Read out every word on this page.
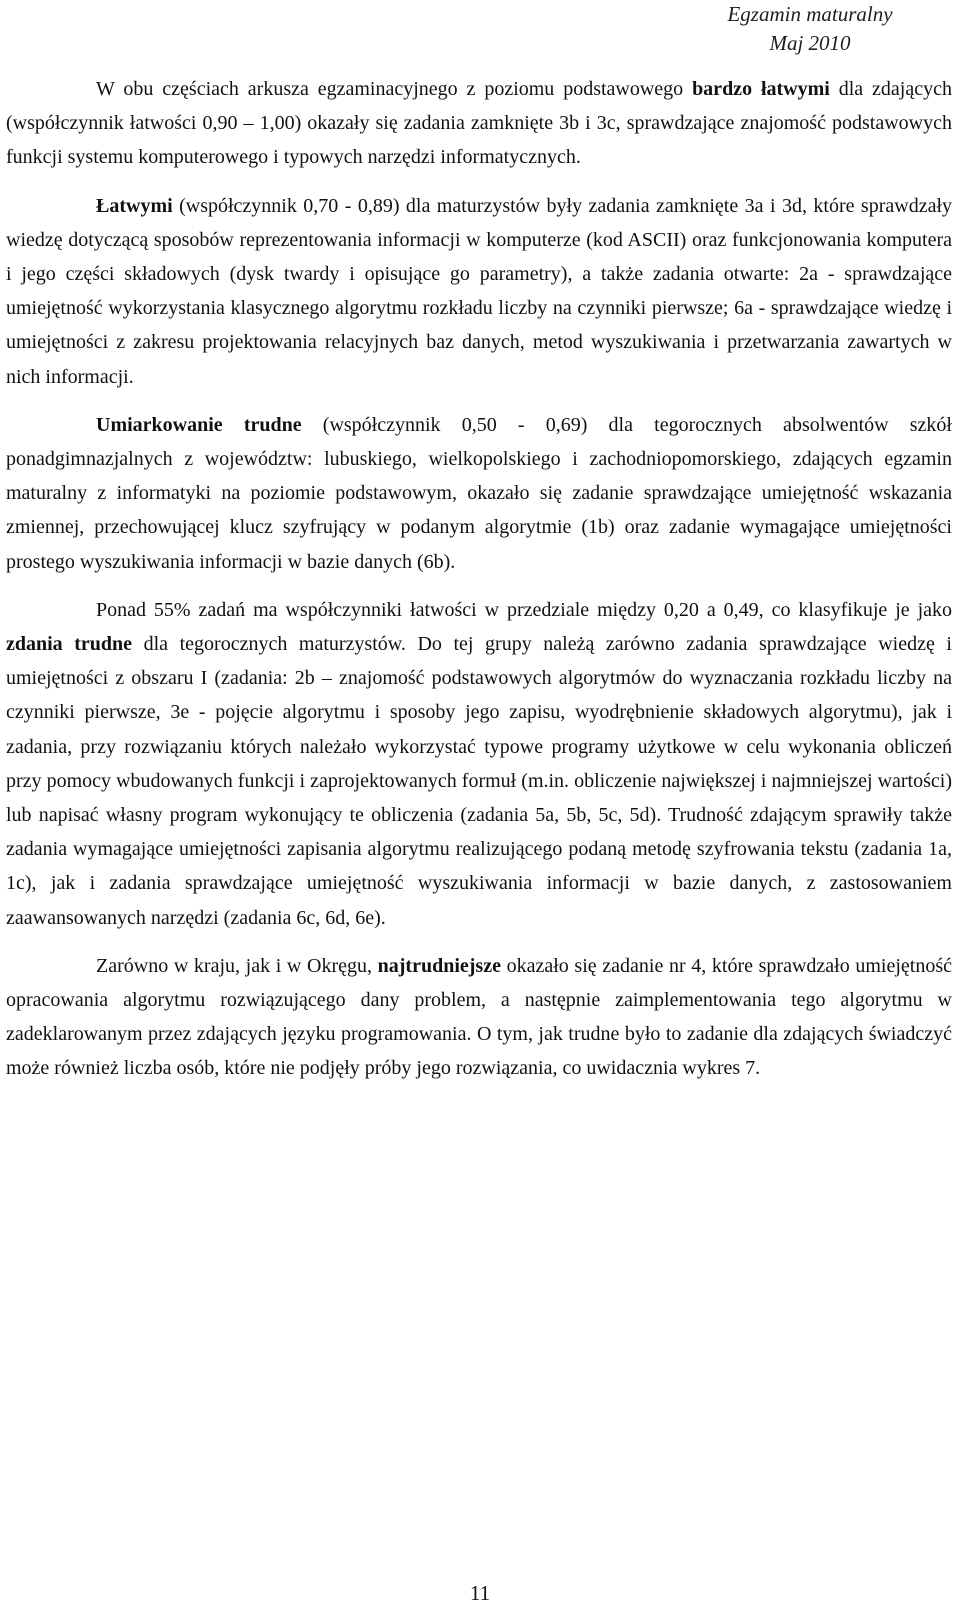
Egzamin maturalny
Maj 2010

W obu częściach arkusza egzaminacyjnego z poziomu podstawowego bardzo łatwymi dla zdających (współczynnik łatwości 0,90 – 1,00) okazały się zadania zamknięte 3b i 3c, sprawdzające znajomość podstawowych funkcji systemu komputerowego i typowych narzędzi informatycznych.

Łatwymi (współczynnik 0,70 - 0,89) dla maturzystów były zadania zamknięte 3a i 3d, które sprawdzały wiedzę dotyczącą sposobów reprezentowania informacji w komputerze (kod ASCII) oraz funkcjonowania komputera i jego części składowych (dysk twardy i opisujące go parametry), a także zadania otwarte: 2a - sprawdzające umiejętność wykorzystania klasycznego algorytmu rozkładu liczby na czynniki pierwsze; 6a - sprawdzające wiedzę i umiejętności z zakresu projektowania relacyjnych baz danych, metod wyszukiwania i przetwarzania zawartych w nich informacji.

Umiarkowanie trudne (współczynnik 0,50 - 0,69) dla tegorocznych absolwentów szkół ponadgimnazjalnych z województw: lubuskiego, wielkopolskiego i zachodniopomorskiego, zdających egzamin maturalny z informatyki na poziomie podstawowym, okazało się zadanie sprawdzające umiejętność wskazania zmiennej, przechowującej klucz szyfrujący w podanym algorytmie (1b) oraz zadanie wymagające umiejętności prostego wyszukiwania informacji w bazie danych (6b).

Ponad 55% zadań ma współczynniki łatwości w przedziale między 0,20 a 0,49, co klasyfikuje je jako zdania trudne dla tegorocznych maturzystów. Do tej grupy należą zarówno zadania sprawdzające wiedzę i umiejętności z obszaru I (zadania: 2b – znajomość podstawowych algorytmów do wyznaczania rozkładu liczby na czynniki pierwsze, 3e - pojęcie algorytmu i sposoby jego zapisu, wyodrębnienie składowych algorytmu), jak i zadania, przy rozwiązaniu których należało wykorzystać typowe programy użytkowe w celu wykonania obliczeń przy pomocy wbudowanych funkcji i zaprojektowanych formuł (m.in. obliczenie największej i najmniejszej wartości) lub napisać własny program wykonujący te obliczenia (zadania 5a, 5b, 5c, 5d). Trudność zdającym sprawiły także zadania wymagające umiejętności zapisania algorytmu realizującego podaną metodę szyfrowania tekstu (zadania 1a, 1c), jak i zadania sprawdzające umiejętność wyszukiwania informacji w bazie danych, z zastosowaniem zaawansowanych narzędzi (zadania 6c, 6d, 6e).

Zarówno w kraju, jak i w Okręgu, najtrudniejsze okazało się zadanie nr 4, które sprawdzało umiejętność opracowania algorytmu rozwiązującego dany problem, a następnie zaimplementowania tego algorytmu w zadeklarowanym przez zdających języku programowania. O tym, jak trudne było to zadanie dla zdających świadczyć może również liczba osób, które nie podjęły próby jego rozwiązania, co uwidacznia wykres 7.

11
